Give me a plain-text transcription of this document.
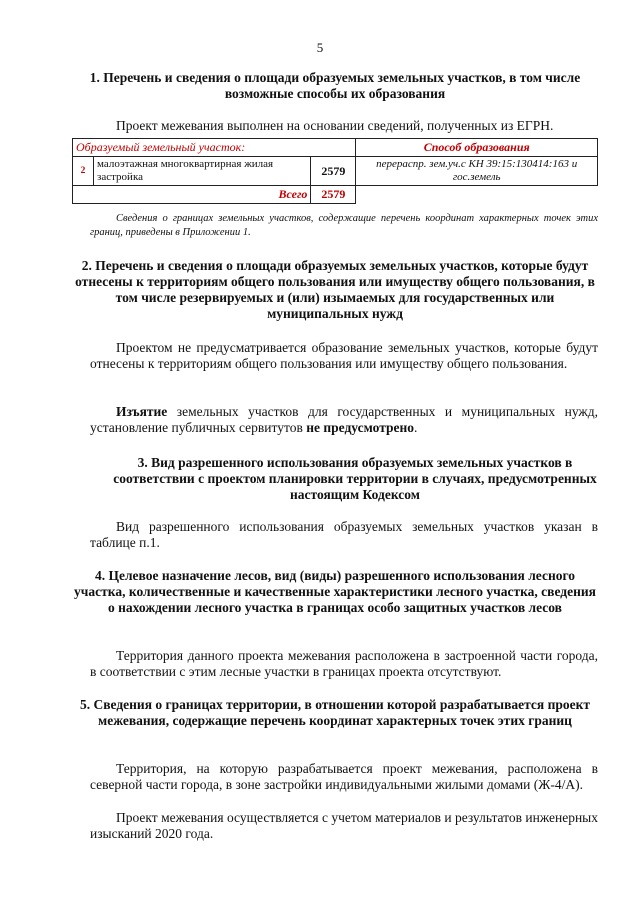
5

1. Перечень и сведения о площади образуемых земельных участков, в том числе возможные способы их образования

Проект межевания выполнен на основании сведений, полученных из ЕГРН.

Образуемый земельный участок:			Способ образования
2	малоэтажная многоквартирная жилая застройка	2579	перераспр. зем.уч.с КН 39:15:130414:163 и гос.земель
Всего		2579	

Сведения о границах земельных участков, содержащие перечень координат характерных точек этих границ, приведены в Приложении 1.

2. Перечень и сведения о площади образуемых земельных участков, которые будут отнесены к территориям общего пользования или имуществу общего пользования, в том числе резервируемых и (или) изымаемых для государственных или муниципальных нужд

Проектом не предусматривается образование земельных участков, которые будут отнесены к территориям общего пользования или имуществу общего пользования.

Изъятие земельных участков для государственных и муниципальных нужд, установление публичных сервитутов не предусмотрено.

3. Вид разрешенного использования образуемых земельных участков в соответствии с проектом планировки территории в случаях, предусмотренных настоящим Кодексом

Вид разрешенного использования образуемых земельных участков указан в таблице п.1.

4. Целевое назначение лесов, вид (виды) разрешенного использования лесного участка, количественные и качественные характеристики лесного участка, сведения о нахождении лесного участка в границах особо защитных участков лесов

Территория данного проекта межевания расположена в застроенной части города, в соответствии с этим лесные участки в границах проекта отсутствуют.

5. Сведения о границах территории, в отношении которой разрабатывается проект межевания, содержащие перечень координат характерных точек этих границ

Территория, на которую разрабатывается проект межевания, расположена в северной части города, в зоне застройки индивидуальными жилыми домами (Ж-4/А).

Проект межевания осуществляется с учетом материалов и результатов инженерных изысканий 2020 года.
